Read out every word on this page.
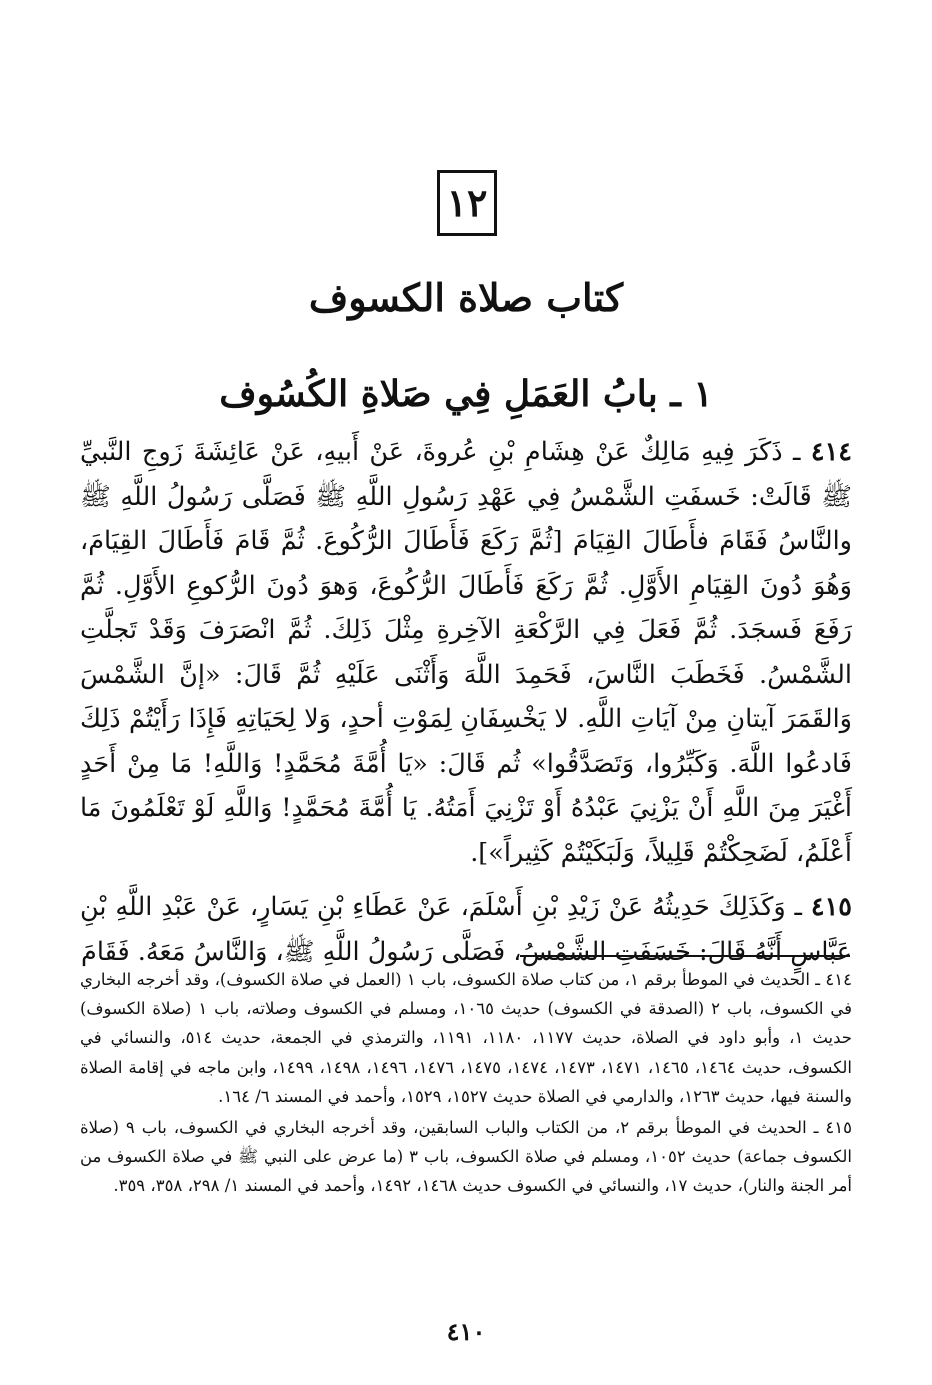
١٢
كتاب صلاة الكسوف
١ ـ بابُ العَمَلِ فِي صَلاةِ الكُسُوف

٤١٤ ـ ذَكَرَ فِيهِ مَالِكٌ عَنْ هِشَامِ بْنِ عُروةَ، عَنْ أَبيهِ، عَنْ عَائِشَةَ زَوجِ النَّبيِّ ﷺ قَالَتْ: خَسفَتِ الشَّمْسُ فِي عَهْدِ رَسُولِ اللَّهِ ﷺ فَصَلَّى رَسُولُ اللَّهِ ﷺ والنَّاسُ فَقَامَ فأَطَالَ القِيَامَ [ثُمَّ رَكَعَ فَأَطَالَ الرُّكُوعَ. ثُمَّ قَامَ فَأَطَالَ القِيَامَ، وَهُوَ دُونَ القِيَامِ الأَوَّلِ. ثُمَّ رَكَعَ فَأَطَالَ الرُّكُوعَ، وَهوَ دُونَ الرُّكوعِ الأَوَّلِ. ثُمَّ رَفَعَ فَسجَدَ. ثُمَّ فَعَلَ فِي الرَّكْعَةِ الآخِرةِ مِثْلَ ذَلِكَ. ثُمَّ انْصَرَفَ وَقَدْ تَجلَّتِ الشَّمْسُ. فَخَطَبَ النَّاسَ، فَحَمِدَ اللَّهَ وَأَثْنَى عَلَيْهِ ثُمَّ قَالَ: «إنَّ الشَّمْسَ وَالقَمَرَ آيتانِ مِنْ آيَاتِ اللَّهِ. لا يَخْسِفَانِ لِمَوْتِ أحدٍ، وَلا لِحَيَاتِهِ فَإِذَا رَأَيْتُمْ ذَلِكَ فَادعُوا اللَّهَ. وَكَبِّرُوا، وَتَصَدَّقُوا» ثُم قَالَ: «يَا أُمَّةَ مُحَمَّدٍ! وَاللَّهِ! مَا مِنْ أَحَدٍ أَغْيَرَ مِنَ اللَّهِ أَنْ يَزْنِيَ عَبْدُهُ أَوْ تَزْنِيَ أَمَتُهُ. يَا أُمَّةَ مُحَمَّدٍ! وَاللَّهِ لَوْ تَعْلَمُونَ مَا أَعْلَمُ، لَضَحِكْتُمْ قَلِيلاً، وَلَبَكَيْتُمْ كَثِيراً»].

٤١٥ ـ وَكَذَلِكَ حَدِيثُهُ عَنْ زَيْدِ بْنِ أَسْلَمَ، عَنْ عَطَاءِ بْنِ يَسَارٍ، عَنْ عَبْدِ اللَّهِ بْنِ عَبَّاسٍ أَنَّهُ قَالَ: خَسَفَتِ الشَّمْسُ، فَصَلَّى رَسُولُ اللَّهِ ﷺ، وَالنَّاسُ مَعَهُ. فَقَامَ

٤١٤ ـ الحديث في الموطأ برقم ١، من كتاب صلاة الكسوف، باب ١ (العمل في صلاة الكسوف)، وقد أخرجه البخاري في الكسوف، باب ٢ (الصدقة في الكسوف) حديث ١٠٦٥، ومسلم في الكسوف وصلاته، باب ١ (صلاة الكسوف) حديث ١، وأبو داود في الصلاة، حديث ١١٧٧، ١١٨٠، ١١٩١، والترمذي في الجمعة، حديث ٥١٤، والنسائي في الكسوف، حديث ١٤٦٤، ١٤٦٥، ١٤٧١، ١٤٧٣، ١٤٧٤، ١٤٧٥، ١٤٧٦، ١٤٩٦، ١٤٩٨، ١٤٩٩، وابن ماجه في إقامة الصلاة والسنة فيها، حديث ١٢٦٣، والدارمي في الصلاة حديث ١٥٢٧، ١٥٢٩، وأحمد في المسند ٦/ ١٦٤.

٤١٥ ـ الحديث في الموطأ برقم ٢، من الكتاب والباب السابقين، وقد أخرجه البخاري في الكسوف، باب ٩ (صلاة الكسوف جماعة) حديث ١٠٥٢، ومسلم في صلاة الكسوف، باب ٣ (ما عرض على النبي ﷺ في صلاة الكسوف من أمر الجنة والنار)، حديث ١٧، والنسائي في الكسوف حديث ١٤٦٨، ١٤٩٢، وأحمد في المسند ١/ ٢٩٨، ٣٥٨، ٣٥٩.

٤١٠
